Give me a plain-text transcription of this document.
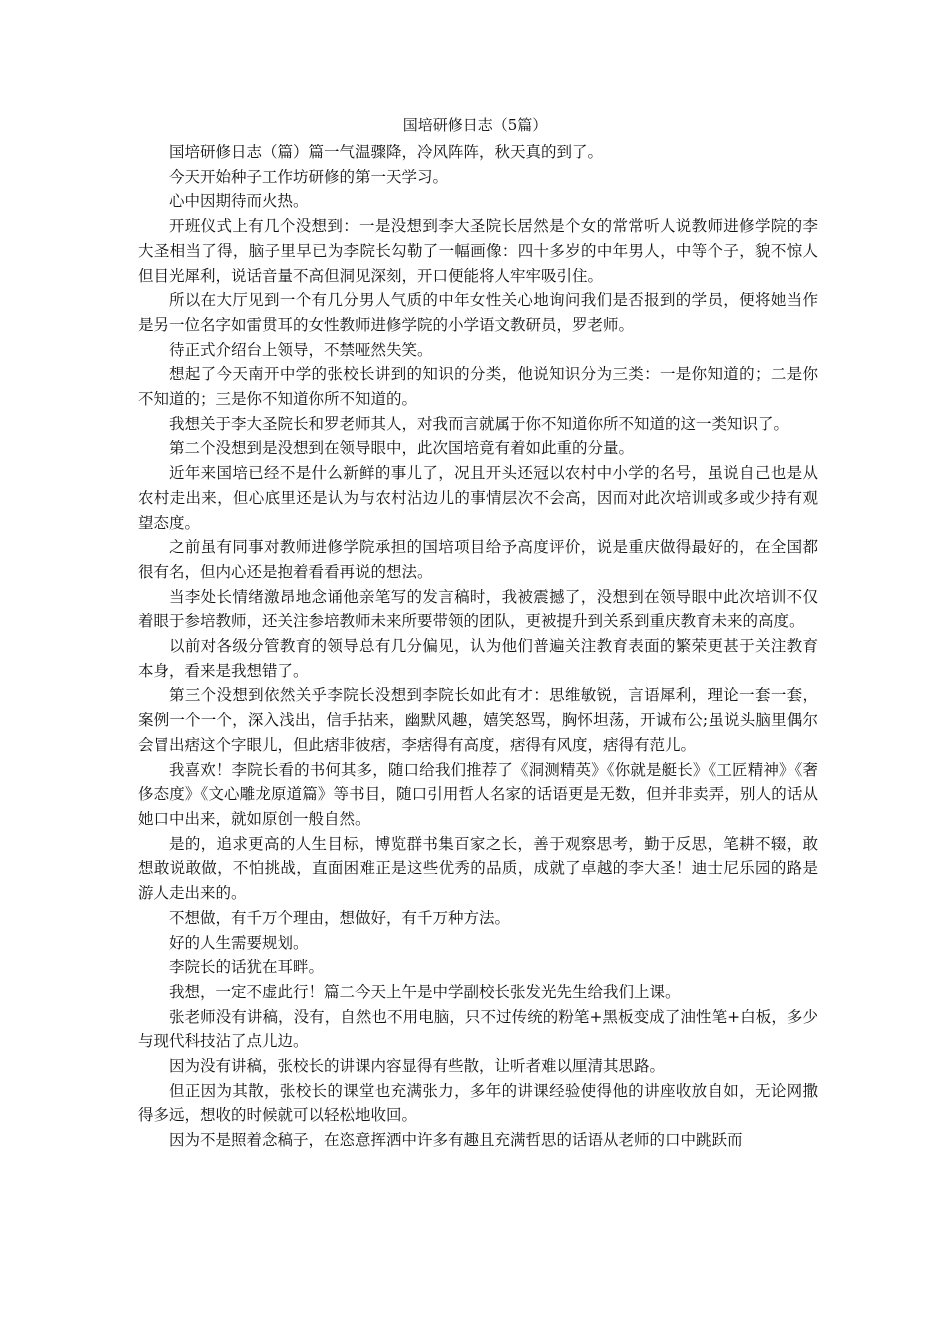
国培研修日志（5篇）

国培研修日志（篇）篇一气温骤降，冷风阵阵，秋天真的到了。

今天开始种子工作坊研修的第一天学习。

心中因期待而火热。

开班仪式上有几个没想到：一是没想到李大圣院长居然是个女的常常听人说教师进修学院的李大圣相当了得，脑子里早已为李院长勾勒了一幅画像：四十多岁的中年男人，中等个子，貌不惊人但目光犀利，说话音量不高但洞见深刻，开口便能将人牢牢吸引住。

所以在大厅见到一个有几分男人气质的中年女性关心地询问我们是否报到的学员，便将她当作是另一位名字如雷贯耳的女性教师进修学院的小学语文教研员，罗老师。

待正式介绍台上领导，不禁哑然失笑。

想起了今天南开中学的张校长讲到的知识的分类，他说知识分为三类：一是你知道的；二是你不知道的；三是你不知道你所不知道的。

我想关于李大圣院长和罗老师其人，对我而言就属于你不知道你所不知道的这一类知识了。

第二个没想到是没想到在领导眼中，此次国培竟有着如此重的分量。

近年来国培已经不是什么新鲜的事儿了，况且开头还冠以农村中小学的名号，虽说自己也是从农村走出来，但心底里还是认为与农村沾边儿的事情层次不会高，因而对此次培训或多或少持有观望态度。

之前虽有同事对教师进修学院承担的国培项目给予高度评价，说是重庆做得最好的，在全国都很有名，但内心还是抱着看看再说的想法。

当李处长情绪激昂地念诵他亲笔写的发言稿时，我被震撼了，没想到在领导眼中此次培训不仅着眼于参培教师，还关注参培教师未来所要带领的团队，更被提升到关系到重庆教育未来的高度。

以前对各级分管教育的领导总有几分偏见，认为他们普遍关注教育表面的繁荣更甚于关注教育本身，看来是我想错了。

第三个没想到依然关乎李院长没想到李院长如此有才：思维敏锐，言语犀利，理论一套一套，案例一个一个，深入浅出，信手拈来，幽默风趣，嬉笑怒骂，胸怀坦荡，开诚布公;虽说头脑里偶尔会冒出痞这个字眼儿，但此痞非彼痞，李痞得有高度，痞得有风度，痞得有范儿。

我喜欢！李院长看的书何其多，随口给我们推荐了《洞测精英》《你就是艇长》《工匠精神》《奢侈态度》《文心雕龙原道篇》等书目，随口引用哲人名家的话语更是无数，但并非卖弄，别人的话从她口中出来，就如原创一般自然。

是的，追求更高的人生目标，博览群书集百家之长，善于观察思考，勤于反思，笔耕不辍，敢想敢说敢做，不怕挑战，直面困难正是这些优秀的品质，成就了卓越的李大圣！迪士尼乐园的路是游人走出来的。

不想做，有千万个理由，想做好，有千万种方法。

好的人生需要规划。

李院长的话犹在耳畔。

我想，一定不虚此行！篇二今天上午是中学副校长张发光先生给我们上课。

张老师没有讲稿，没有，自然也不用电脑，只不过传统的粉笔+黑板变成了油性笔+白板，多少与现代科技沾了点儿边。

因为没有讲稿，张校长的讲课内容显得有些散，让听者难以厘清其思路。

但正因为其散，张校长的课堂也充满张力，多年的讲课经验使得他的讲座收放自如，无论网撒得多远，想收的时候就可以轻松地收回。

因为不是照着念稿子，在恣意挥洒中许多有趣且充满哲思的话语从老师的口中跳跃而
